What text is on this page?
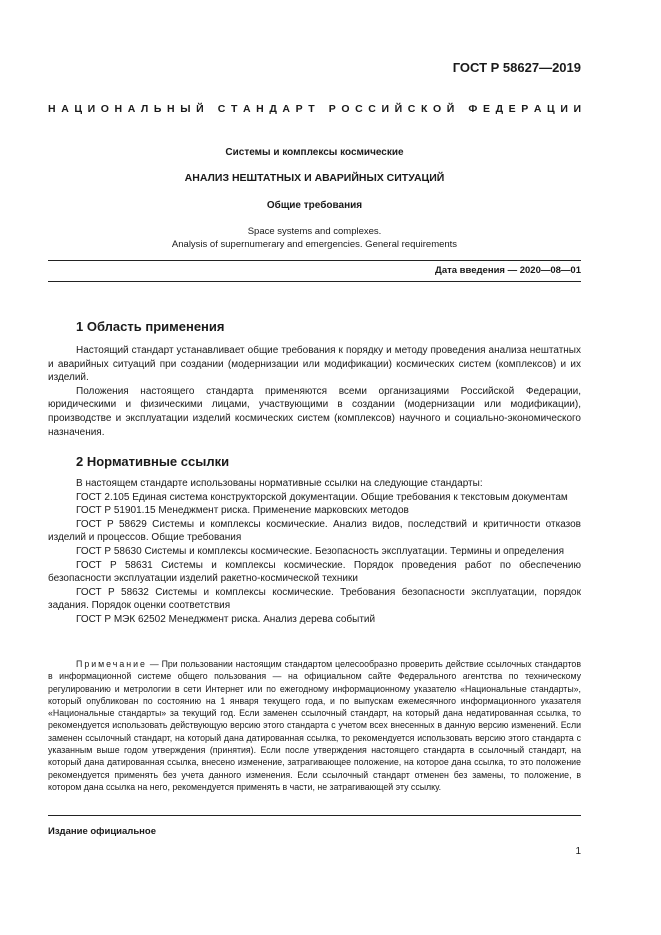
ГОСТ Р 58627—2019
Н А Ц И О Н А Л Ь Н Ы Й
С Т А Н Д А Р Т
Р О С С И Й С К О Й
Ф Е Д Е Р А Ц И И
Системы и комплексы космические
АНАЛИЗ НЕШТАТНЫХ И АВАРИЙНЫХ СИТУАЦИЙ
Общие требования
Space systems and complexes.
Analysis of supernumerary and emergencies. General requirements
Дата введения — 2020—08—01
1 Область применения

Настоящий стандарт устанавливает общие требования к порядку и методу проведения анализа нештатных и аварийных ситуаций при создании (модернизации или модификации) космических систем (комплексов) и их изделий.

Положения настоящего стандарта применяются всеми организациями Российской Федерации, юридическими и физическими лицами, участвующими в создании (модернизации или модификации), производстве и эксплуатации изделий космических систем (комплексов) научного и социально-экономического назначения.

2 Нормативные ссылки

В настоящем стандарте использованы нормативные ссылки на следующие стандарты:

ГОСТ 2.105 Единая система конструкторской документации. Общие требования к текстовым документам

ГОСТ Р 51901.15 Менеджмент риска. Применение марковских методов

ГОСТ Р 58629 Системы и комплексы космические. Анализ видов, последствий и критичности отказов изделий и процессов. Общие требования

ГОСТ Р 58630 Системы и комплексы космические. Безопасность эксплуатации. Термины и определения

ГОСТ Р 58631 Системы и комплексы космические. Порядок проведения работ по обеспечению безопасности эксплуатации изделий ракетно-космической техники

ГОСТ Р 58632 Системы и комплексы космические. Требования безопасности эксплуатации, порядок задания. Порядок оценки соответствия

ГОСТ Р МЭК 62502 Менеджмент риска. Анализ дерева событий

Примечание — При пользовании настоящим стандартом целесообразно проверить действие ссылочных стандартов в информационной системе общего пользования — на официальном сайте Федерального агентства по техническому регулированию и метрологии в сети Интернет или по ежегодному информационному указателю «Национальные стандарты», который опубликован по состоянию на 1 января текущего года, и по выпускам ежемесячного информационного указателя «Национальные стандарты» за текущий год. Если заменен ссылочный стандарт, на который дана недатированная ссылка, то рекомендуется использовать действующую версию этого стандарта с учетом всех внесенных в данную версию изменений. Если заменен ссылочный стандарт, на который дана датированная ссылка, то рекомендуется использовать версию этого стандарта с указанным выше годом утверждения (принятия). Если после утверждения настоящего стандарта в ссылочный стандарт, на который дана датированная ссылка, внесено изменение, затрагивающее положение, на которое дана ссылка, то это положение рекомендуется применять без учета данного изменения. Если ссылочный стандарт отменен без замены, то положение, в котором дана ссылка на него, рекомендуется применять в части, не затрагивающей эту ссылку.

Издание официальное
1
